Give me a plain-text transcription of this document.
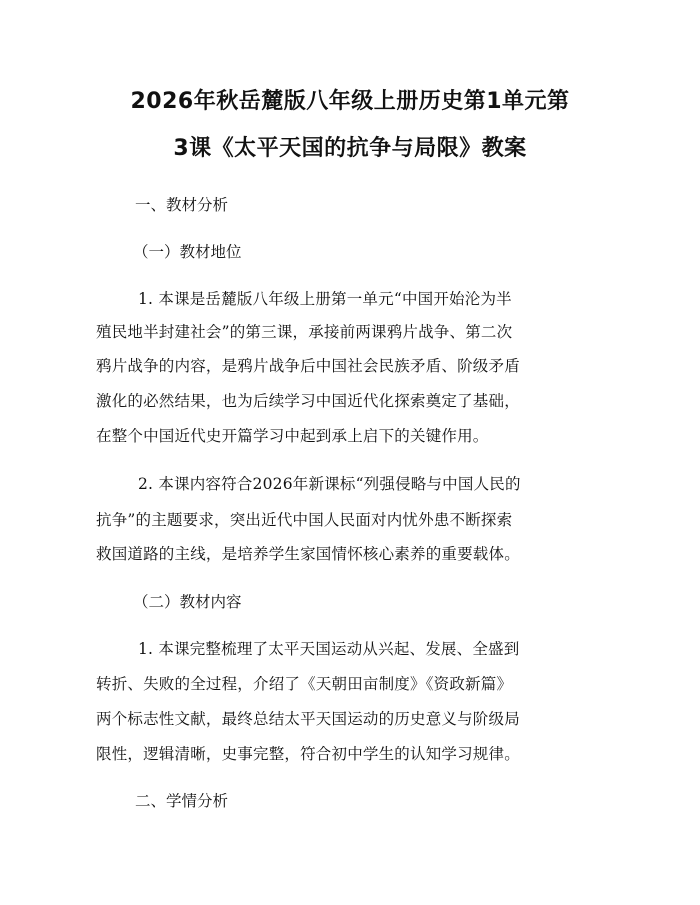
2026年秋岳麓版八年级上册历史第1单元第
3课《太平天国的抗争与局限》教案
一、教材分析
（一）教材地位
1. 本课是岳麓版八年级上册第一单元“中国开始沦为半
殖民地半封建社会”的第三课，承接前两课鸦片战争、第二次
鸦片战争的内容，是鸦片战争后中国社会民族矛盾、阶级矛盾
激化的必然结果，也为后续学习中国近代化探索奠定了基础，
在整个中国近代史开篇学习中起到承上启下的关键作用。
2. 本课内容符合2026年新课标“列强侵略与中国人民的
抗争”的主题要求，突出近代中国人民面对内忧外患不断探索
救国道路的主线，是培养学生家国情怀核心素养的重要载体。
（二）教材内容
1. 本课完整梳理了太平天国运动从兴起、发展、全盛到
转折、失败的全过程，介绍了《天朝田亩制度》《资政新篇》
两个标志性文献，最终总结太平天国运动的历史意义与阶级局
限性，逻辑清晰，史事完整，符合初中学生的认知学习规律。
二、学情分析
